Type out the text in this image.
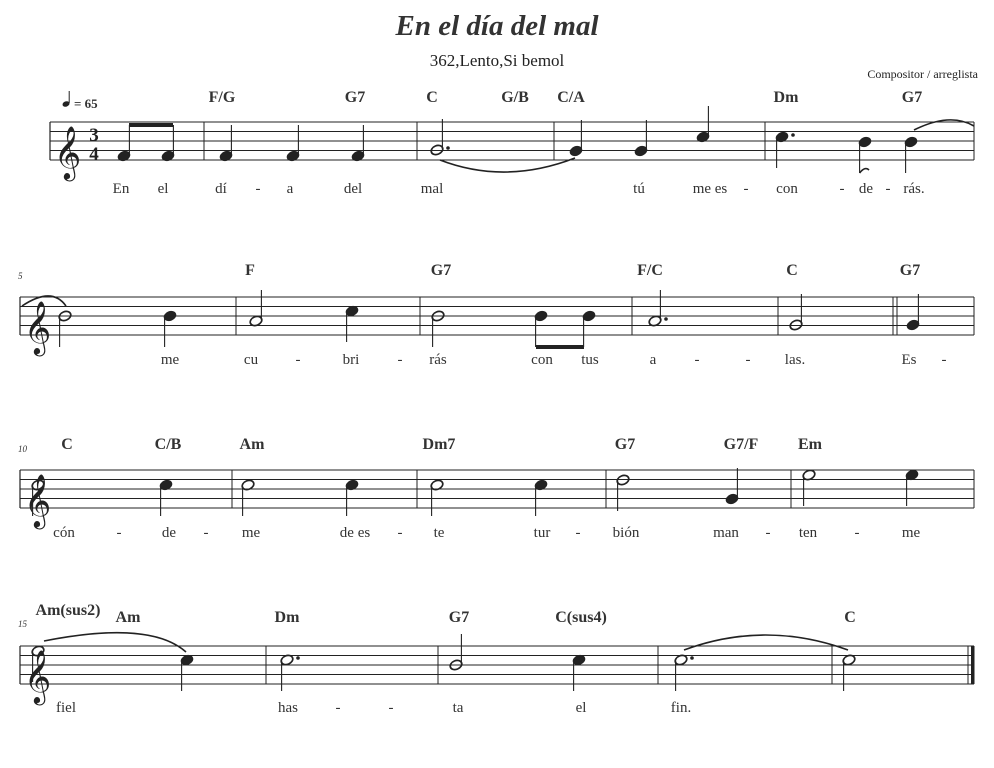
En el día del mal
362,Lento,Si bemol
Compositor / arreglista
𝄞
𝄞
𝄞
𝄞
3
4
= 65
5
10
15
F/G	G7	C	G/B C/A	Dm	G7
F	G7	F/C	C	G7
C	C/B	Am	Dm7	G7	G7/F Em
Am(sus2) Am	Dm	G7	C(sus4)	C
En el	dí - a	del	mal	tú	me es - con	- de - rás.
me	cu -	bri	- rás	con tus	a	-	- las.	Es -
cón	-	de - me	de es - te	tur - bión	man - ten -	me
fiel	has	-	-	ta	el	fin.
